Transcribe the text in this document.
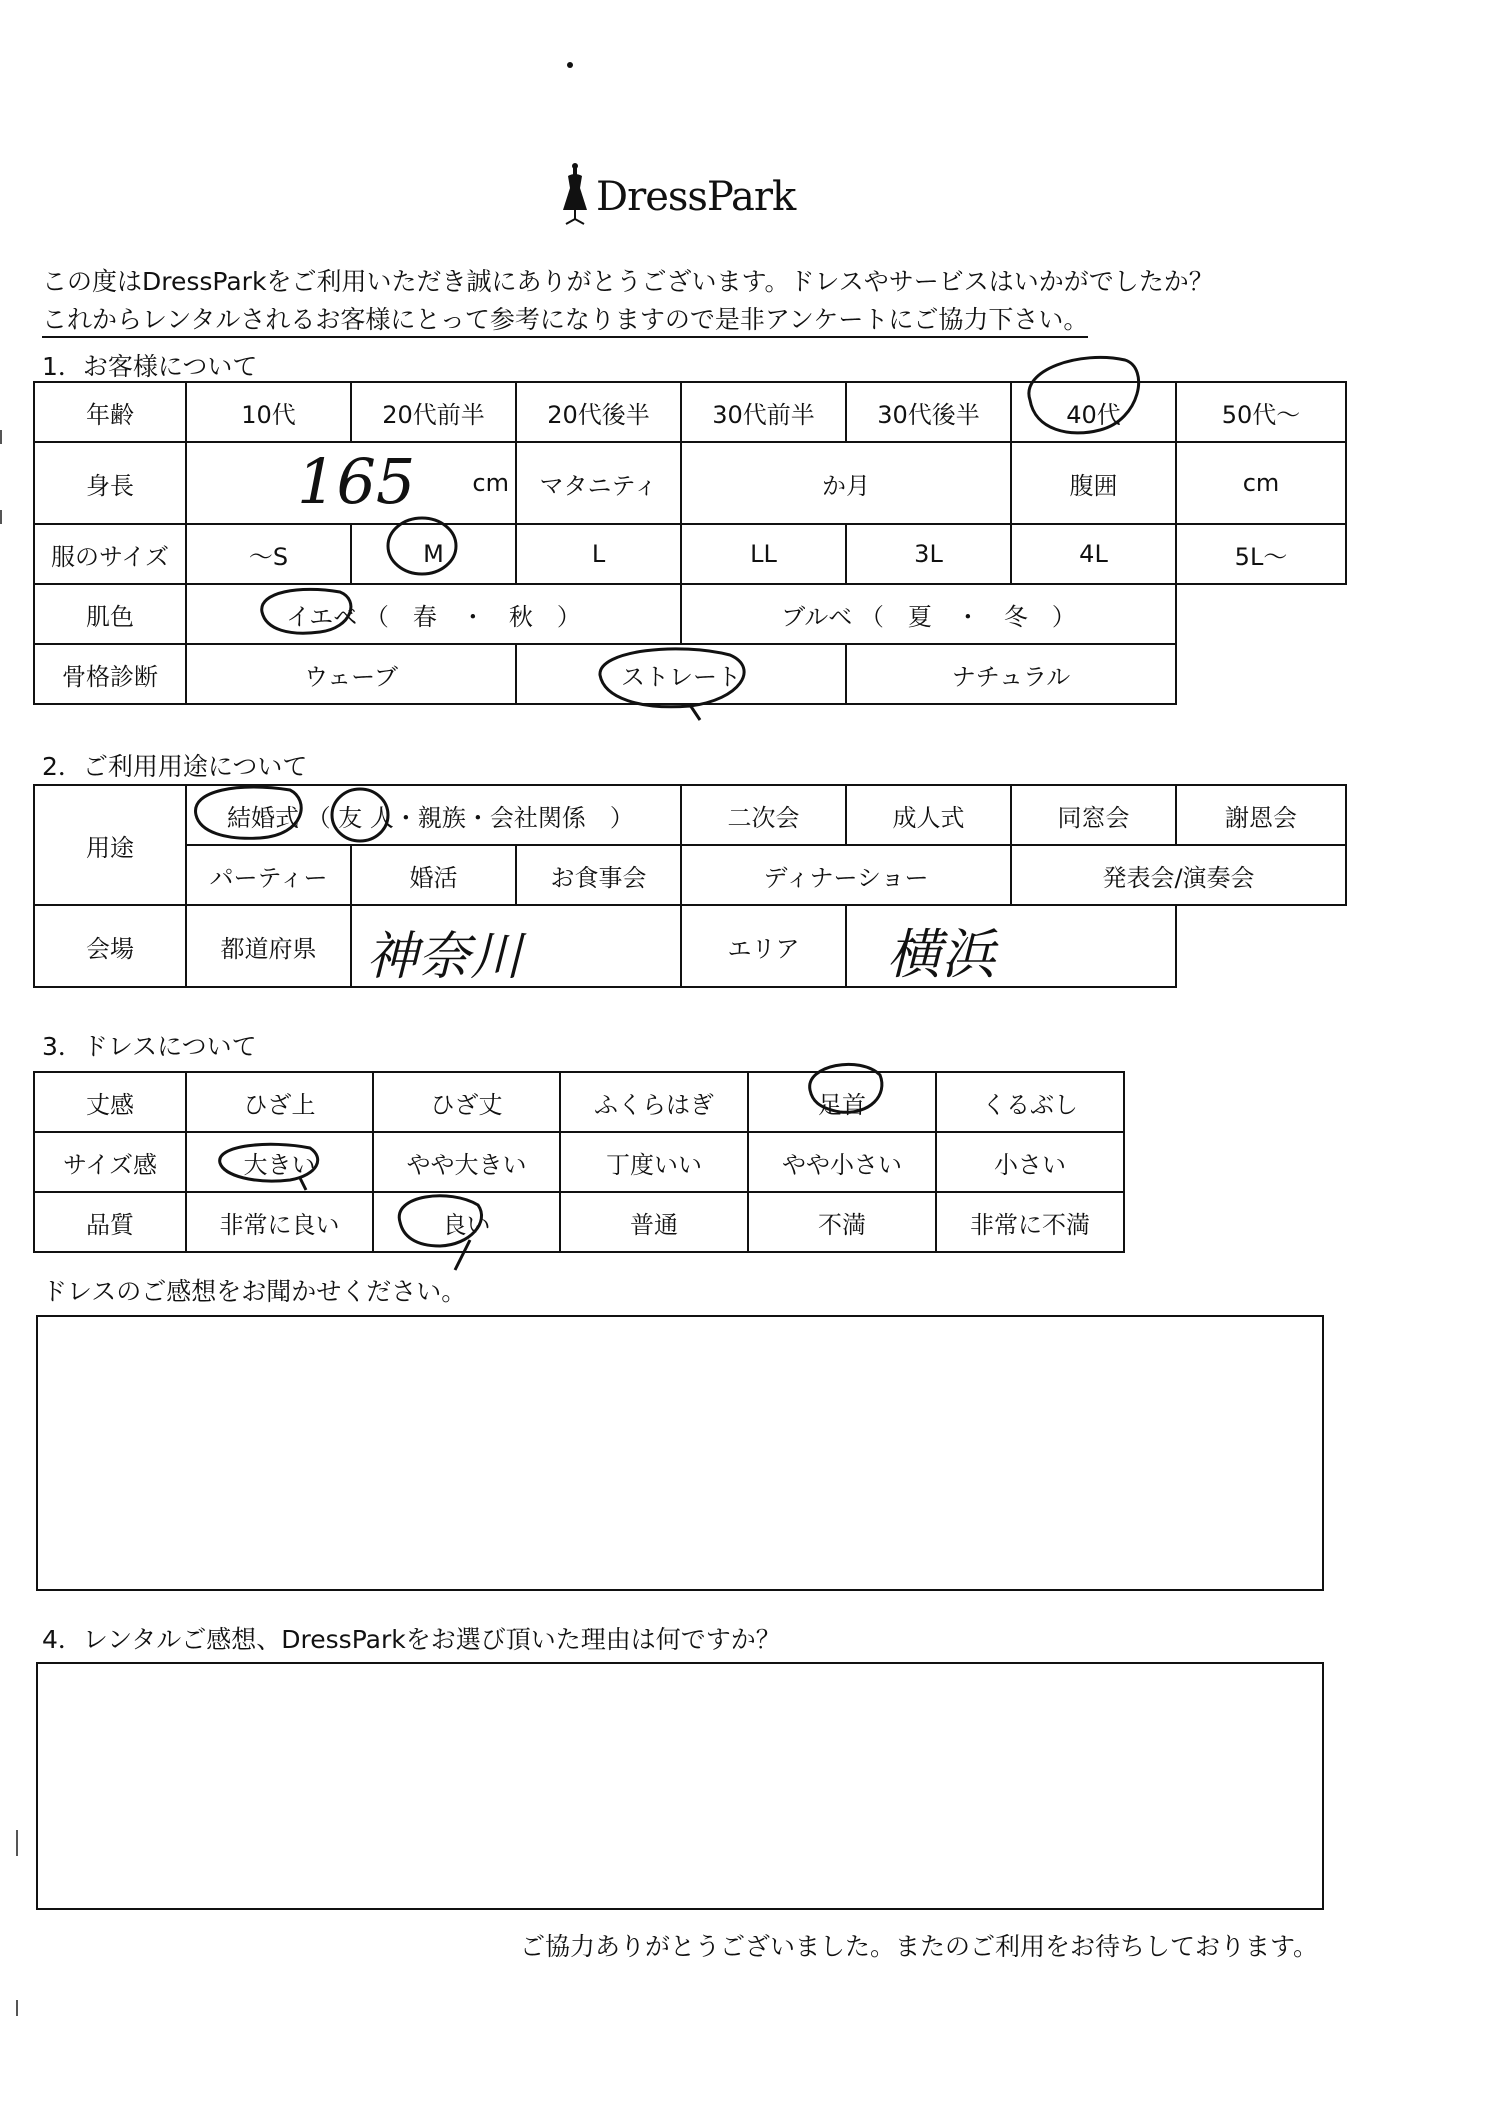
DressPark
この度はDressParkをご利用いただき誠にありがとうございます。ドレスやサービスはいかがでしたか？
これからレンタルされるお客様にとって参考になりますので是非アンケートにご協力下さい。
1．お客様について
年齢	10代	20代前半	20代後半	30代前半	30代後半	40代	50代～
身長	165 cm		マタニティ	か月		腹囲	cm
服のサイズ	～S	M	L	LL	3L	4L	5L～
肌色	イエベ （　春　・　秋　）			ブルベ （　夏　・　冬　）			
骨格診断	ウェーブ		ストレート		ナチュラル		
2．ご利用用途について
用途	結婚式 （ 友 人・親族・会社関係　）			二次会	成人式	同窓会	謝恩会
	パーティー	婚活	お食事会	ディナーショー		発表会/演奏会	
会場	都道府県	神奈川		エリア	横浜		

3．ドレスについて
丈感	ひざ上	ひざ丈	ふくらはぎ	足首	くるぶし
サイズ感	大きい	やや大きい	丁度いい	やや小さい	小さい
品質	非常に良い	良い	普通	不満	非常に不満
ドレスのご感想をお聞かせください。
4．レンタルご感想、DressParkをお選び頂いた理由は何ですか？
ご協力ありがとうございました。またのご利用をお待ちしております。
